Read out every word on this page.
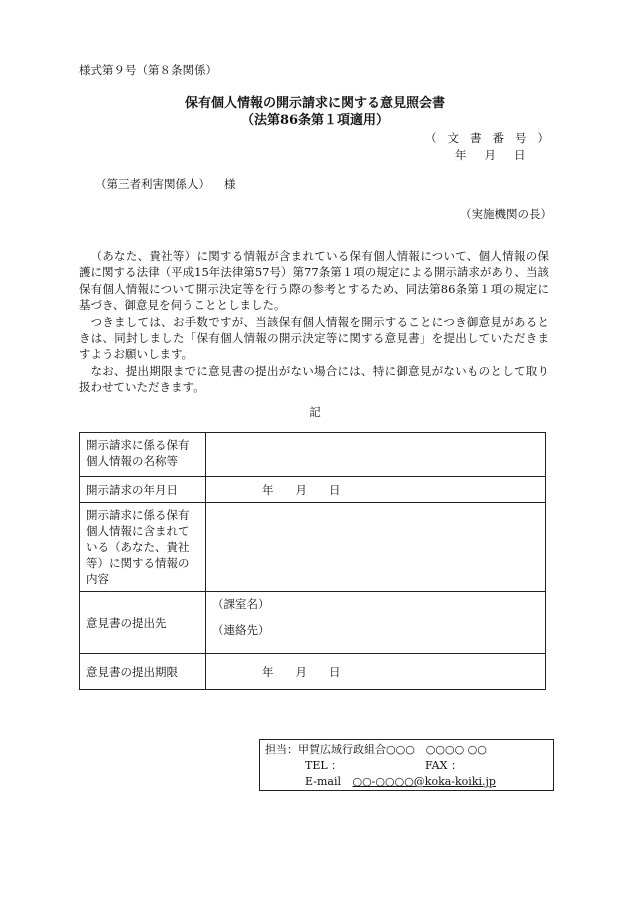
様式第９号（第８条関係）
保有個人情報の開示請求に関する意見照会書
（法第86条第１項適用）
（文書番号）
年 月 日
（第三者利害関係人） 様
（実施機関の長）

（あなた、貴社等）に関する情報が含まれている保有個人情報について、個人情報の保護に関する法律（平成15年法律第57号）第77条第１項の規定による開示請求があり、当該保有個人情報について開示決定等を行う際の参考とするため、同法第86条第１項の規定に基づき、御意見を伺うこととしました。

つきましては、お手数ですが、当該保有個人情報を開示することにつき御意見があるときは、同封しました「保有個人情報の開示決定等に関する意見書」を提出していただきますようお願いします。

なお、提出期限までに意見書の提出がない場合には、特に御意見がないものとして取り扱わせていただきます。

記
開示請求に係る保有個人情報の名称等	
開示請求の年月日	年 月 日
開示請求に係る保有個人情報に含まれている（あなた、貴社等）に関する情報の内容	
意見書の提出先	（課室名）
（連絡先）

意見書の提出期限	年 月 日
担当：甲賀広域行政組合○○○　○○○○ ○○
TEL ：	FAX ：
E-mail ○○-○○○○@koka-koiki.jp
